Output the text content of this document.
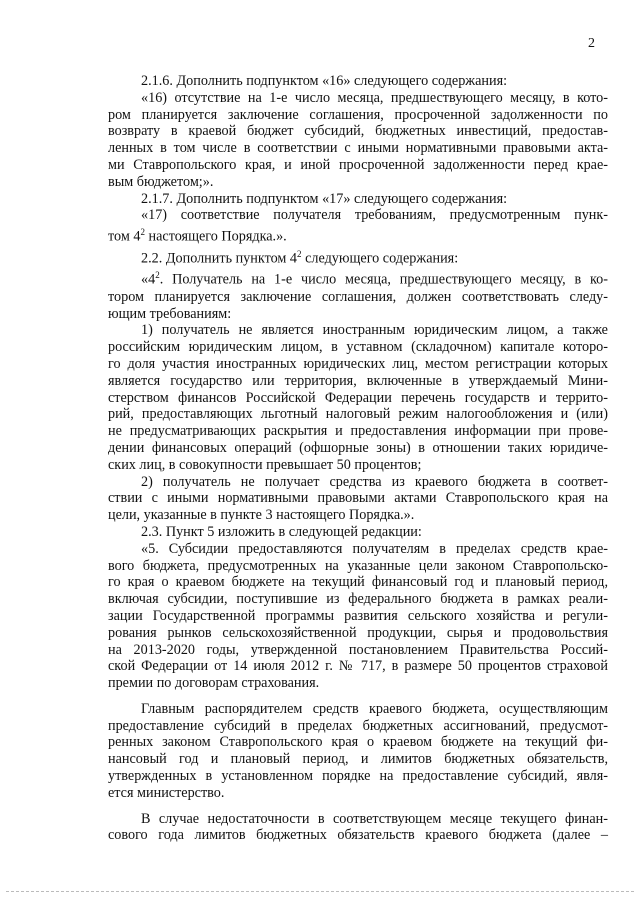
2
2.1.6. Дополнить подпунктом «16» следующего содержания:
«16) отсутствие на 1-е число месяца, предшествующего месяцу, в кото-
ром планируется заключение соглашения, просроченной задолженности по
возврату в краевой бюджет субсидий, бюджетных инвестиций, предостав-
ленных в том числе в соответствии с иными нормативными правовыми акта-
ми Ставропольского края, и иной просроченной задолженности перед крае-
вым бюджетом;».
2.1.7. Дополнить подпунктом «17» следующего содержания:
«17) соответствие получателя требованиям, предусмотренным пунк-
том $4^2$ настоящего Порядка.».
2.2. Дополнить пунктом $4^2$ следующего содержания:
«$4^2$. Получатель на 1-е число месяца, предшествующего месяцу, в ко-
тором планируется заключение соглашения, должен соответствовать следу-
ющим требованиям:
1) получатель не является иностранным юридическим лицом, а также
российским юридическим лицом, в уставном (складочном) капитале которо-
го доля участия иностранных юридических лиц, местом регистрации которых
является государство или территория, включенные в утверждаемый Мини-
стерством финансов Российской Федерации перечень государств и террито-
рий, предоставляющих льготный налоговый режим налогообложения и (или)
не предусматривающих раскрытия и предоставления информации при прове-
дении финансовых операций (офшорные зоны) в отношении таких юридиче-
ских лиц, в совокупности превышает 50 процентов;
2) получатель не получает средства из краевого бюджета в соответ-
ствии с иными нормативными правовыми актами Ставропольского края на
цели, указанные в пункте 3 настоящего Порядка.».
2.3. Пункт 5 изложить в следующей редакции:
«5. Субсидии предоставляются получателям в пределах средств крае-
вого бюджета, предусмотренных на указанные цели законом Ставропольско-
го края о краевом бюджете на текущий финансовый год и плановый период,
включая субсидии, поступившие из федерального бюджета в рамках реали-
зации Государственной программы развития сельского хозяйства и регули-
рования рынков сельскохозяйственной продукции, сырья и продовольствия
на 2013-2020 годы, утвержденной постановлением Правительства Россий-
ской Федерации от 14 июля 2012 г. № 717, в размере 50 процентов страховой
премии по договорам страхования.
Главным распорядителем средств краевого бюджета, осуществляющим
предоставление субсидий в пределах бюджетных ассигнований, предусмот-
ренных законом Ставропольского края о краевом бюджете на текущий фи-
нансовый год и плановый период, и лимитов бюджетных обязательств,
утвержденных в установленном порядке на предоставление субсидий, явля-
ется министерство.
В случае недостаточности в соответствующем месяце текущего финан-
сового года лимитов бюджетных обязательств краевого бюджета (далее –
